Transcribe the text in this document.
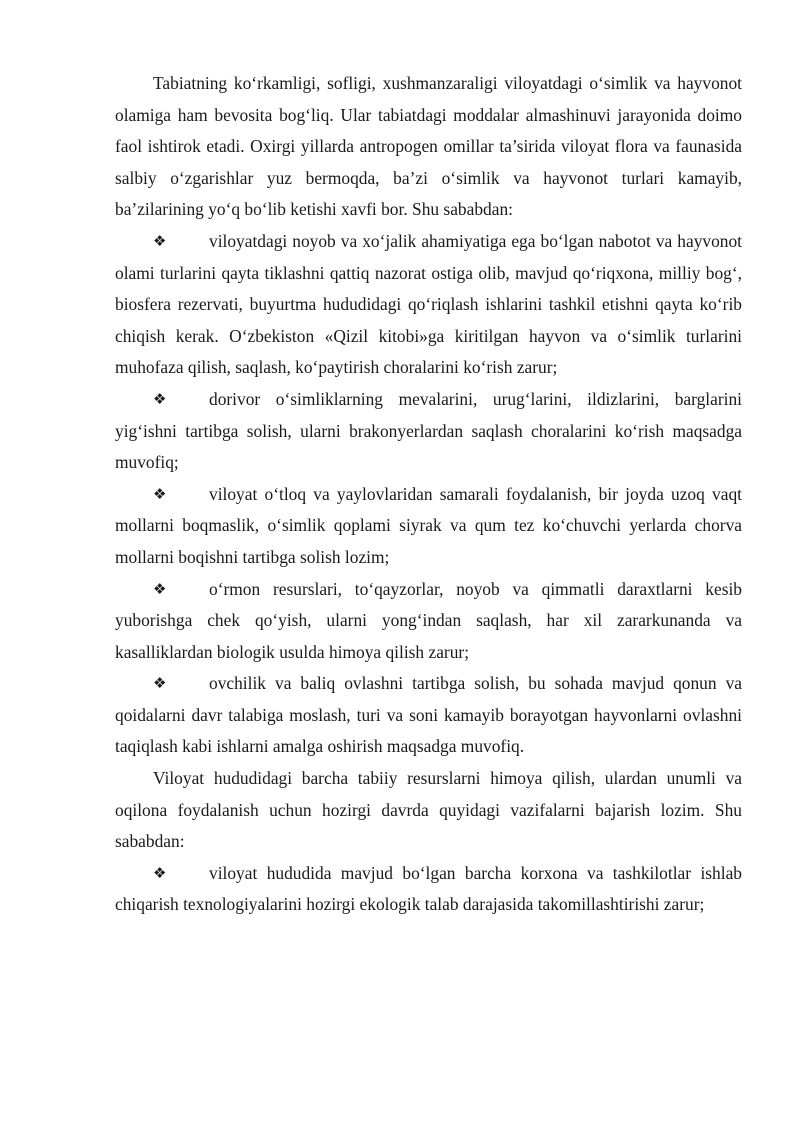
Tabiatning ko‘rkamligi, sofligi, xushmanzaraligi viloyatdagi o‘simlik va hayvonot olamiga ham bevosita bog‘liq. Ular tabiatdagi moddalar almashinuvi jarayonida doimo faol ishtirok etadi. Oxirgi yillarda antropogen omillar ta’sirida viloyat flora va faunasida salbiy o‘zgarishlar yuz bermoqda, ba’zi o‘simlik va hayvonot turlari kamayib, ba’zilarining yo‘q bo‘lib ketishi xavfi bor. Shu sababdan:

❖ viloyatdagi noyob va xo‘jalik ahamiyatiga ega bo‘lgan nabotot va hayvonot olami turlarini qayta tiklashni qattiq nazorat ostiga olib, mavjud qo‘riqxona, milliy bog‘, biosfera rezervati, buyurtma hududidagi qo‘riqlash ishlarini tashkil etishni qayta ko‘rib chiqish kerak. O‘zbekiston «Qizil kitobi»ga kiritilgan hayvon va o‘simlik turlarini muhofaza qilish, saqlash, ko‘paytirish choralarini ko‘rish zarur;

❖ dorivor o‘simliklarning mevalarini, urug‘larini, ildizlarini, barglarini yig‘ishni tartibga solish, ularni brakonyerlardan saqlash choralarini ko‘rish maqsadga muvofiq;

❖ viloyat o‘tloq va yaylovlaridan samarali foydalanish, bir joyda uzoq vaqt mollarni boqmaslik, o‘simlik qoplami siyrak va qum tez ko‘chuvchi yerlarda chorva mollarni boqishni tartibga solish lozim;

❖ o‘rmon resurslari, to‘qayzorlar, noyob va qimmatli daraxtlarni kesib yuborishga chek qo‘yish, ularni yong‘indan saqlash, har xil zararkunanda va kasalliklardan biologik usulda himoya qilish zarur;

❖ ovchilik va baliq ovlashni tartibga solish, bu sohada mavjud qonun va qoidalarni davr talabiga moslash, turi va soni kamayib borayotgan hayvonlarni ovlashni taqiqlash kabi ishlarni amalga oshirish maqsadga muvofiq.

Viloyat hududidagi barcha tabiiy resurslarni himoya qilish, ulardan unumli va oqilona foydalanish uchun hozirgi davrda quyidagi vazifalarni bajarish lozim. Shu sababdan:

❖ viloyat hududida mavjud bo‘lgan barcha korxona va tashkilotlar ishlab chiqarish texnologiyalarini hozirgi ekologik talab darajasida takomillashtirishi zarur;
